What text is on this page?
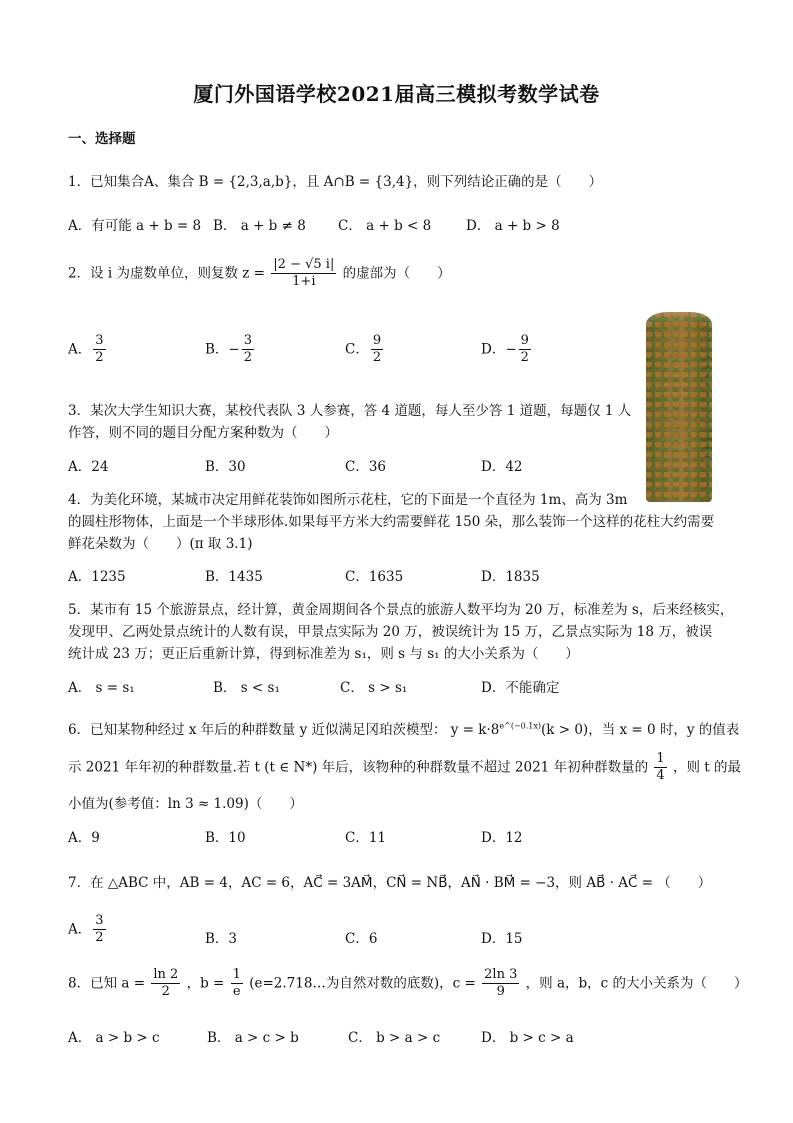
厦门外国语学校2021届高三模拟考数学试卷
一、选择题
1．已知集合A、集合 B = {2,3,a,b}，且 A∩B = {3,4}，则下列结论正确的是（　　）
A．有可能 a + b = 8 B． a + b ≠ 8 C． a + b < 8	D． a + b > 8
2．设 i 为虚数单位，则复数 $z = \frac{|2 - √5 i|}{1+i}$ 的虚部为（　　）
A． $\frac{3}{2}$	B．− $\frac{3}{2}$	C． $\frac{9}{2}$	D．− $\frac{9}{2}$
3．某次大学生知识大赛，某校代表队 3 人参赛，答 4 道题，每人至少答 1 道题，每题仅 1 人
作答，则不同的题目分配方案种数为（　　）
A．24	B．30	C．36	D．42
4．为美化环境，某城市决定用鲜花装饰如图所示花柱，它的下面是一个直径为 1m、高为 3m
的圆柱形物体，上面是一个半球形体.如果每平方米大约需要鲜花 150 朵，那么装饰一个这样的花柱大约需要
鲜花朵数为（　　）(π 取 3.1)
A．1235	B．1435	C．1635	D．1835
5．某市有 15 个旅游景点，经计算，黄金周期间各个景点的旅游人数平均为 20 万，标准差为 s，后来经核实，
发现甲、乙两处景点统计的人数有误，甲景点实际为 20 万，被误统计为 15 万，乙景点实际为 18 万，被误
统计成 23 万；更正后重新计算，得到标准差为 s₁，则 s 与 s₁ 的大小关系为（　　）
A． s = s₁	B． s < s₁	C． s > s₁	D．不能确定
6．已知某物种经过 x 年后的种群数量 y 近似满足冈珀茨模型： $y = k\cdot 8^{e\^{}(-0.1x)}(k > 0)$，当 x = 0 时，y 的值表
示 2021 年年初的种群数量.若 t (t ∈ N*) 年后，该物种的种群数量不超过 2021 年初种群数量的 $\frac{1}{4}$ ，则 t 的最
小值为(参考值：ln 3 ≈ 1.09)（　　）
A．9	B．10	C．11	D．12
7．在 △ABC 中，AB = 4，AC = 6，AC⃗ = 3AM⃗，CN⃗ = NB⃗，AN⃗ · BM⃗ = −3，则 AB⃗ · AC⃗ = （　　）
A． $\frac{3}{2}$	B．3	C．6	D．15
8．已知 $a = \frac{\ln 2}{2}$ ，$b = \frac{1}{e}$ (e=2.718…为自然对数的底数)，$c = \frac{2\ln 3}{9}$ ，则 a，b，c 的大小关系为（　　）
A． a > b > c	B． a > c > b	C． b > a > c	D． b > c > a
